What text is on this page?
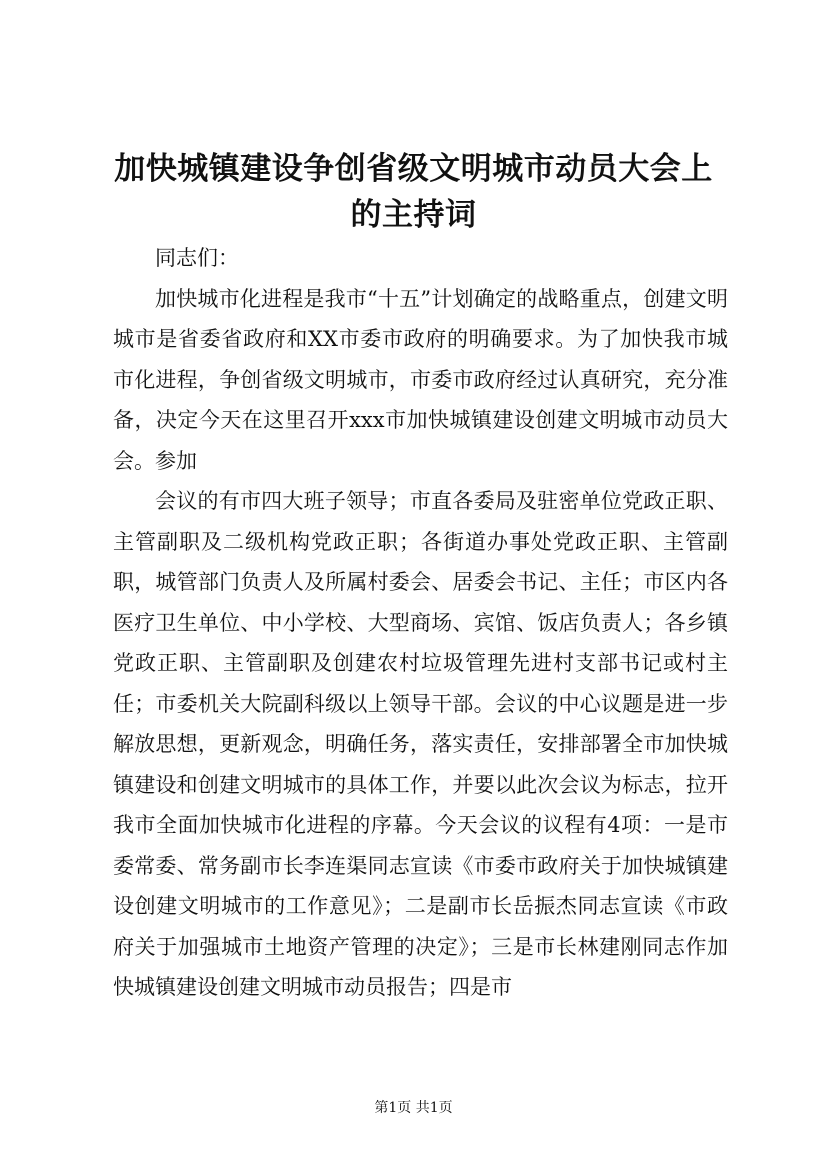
加快城镇建设争创省级文明城市动员大会上的主持词

同志们：

加快城市化进程是我市“十五”计划确定的战略重点，创建文明城市是省委省政府和XX市委市政府的明确要求。为了加快我市城市化进程，争创省级文明城市，市委市政府经过认真研究，充分准备，决定今天在这里召开xxx市加快城镇建设创建文明城市动员大会。参加

会议的有市四大班子领导；市直各委局及驻密单位党政正职、主管副职及二级机构党政正职；各街道办事处党政正职、主管副职，城管部门负责人及所属村委会、居委会书记、主任；市区内各医疗卫生单位、中小学校、大型商场、宾馆、饭店负责人；各乡镇党政正职、主管副职及创建农村垃圾管理先进村支部书记或村主任；市委机关大院副科级以上领导干部。会议的中心议题是进一步解放思想，更新观念，明确任务，落实责任，安排部署全市加快城镇建设和创建文明城市的具体工作，并要以此次会议为标志，拉开我市全面加快城市化进程的序幕。今天会议的议程有4项：一是市委常委、常务副市长李连渠同志宣读《市委市政府关于加快城镇建设创建文明城市的工作意见》；二是副市长岳振杰同志宣读《市政府关于加强城市土地资产管理的决定》；三是市长林建刚同志作加快城镇建设创建文明城市动员报告；四是市

第1页 共1页
